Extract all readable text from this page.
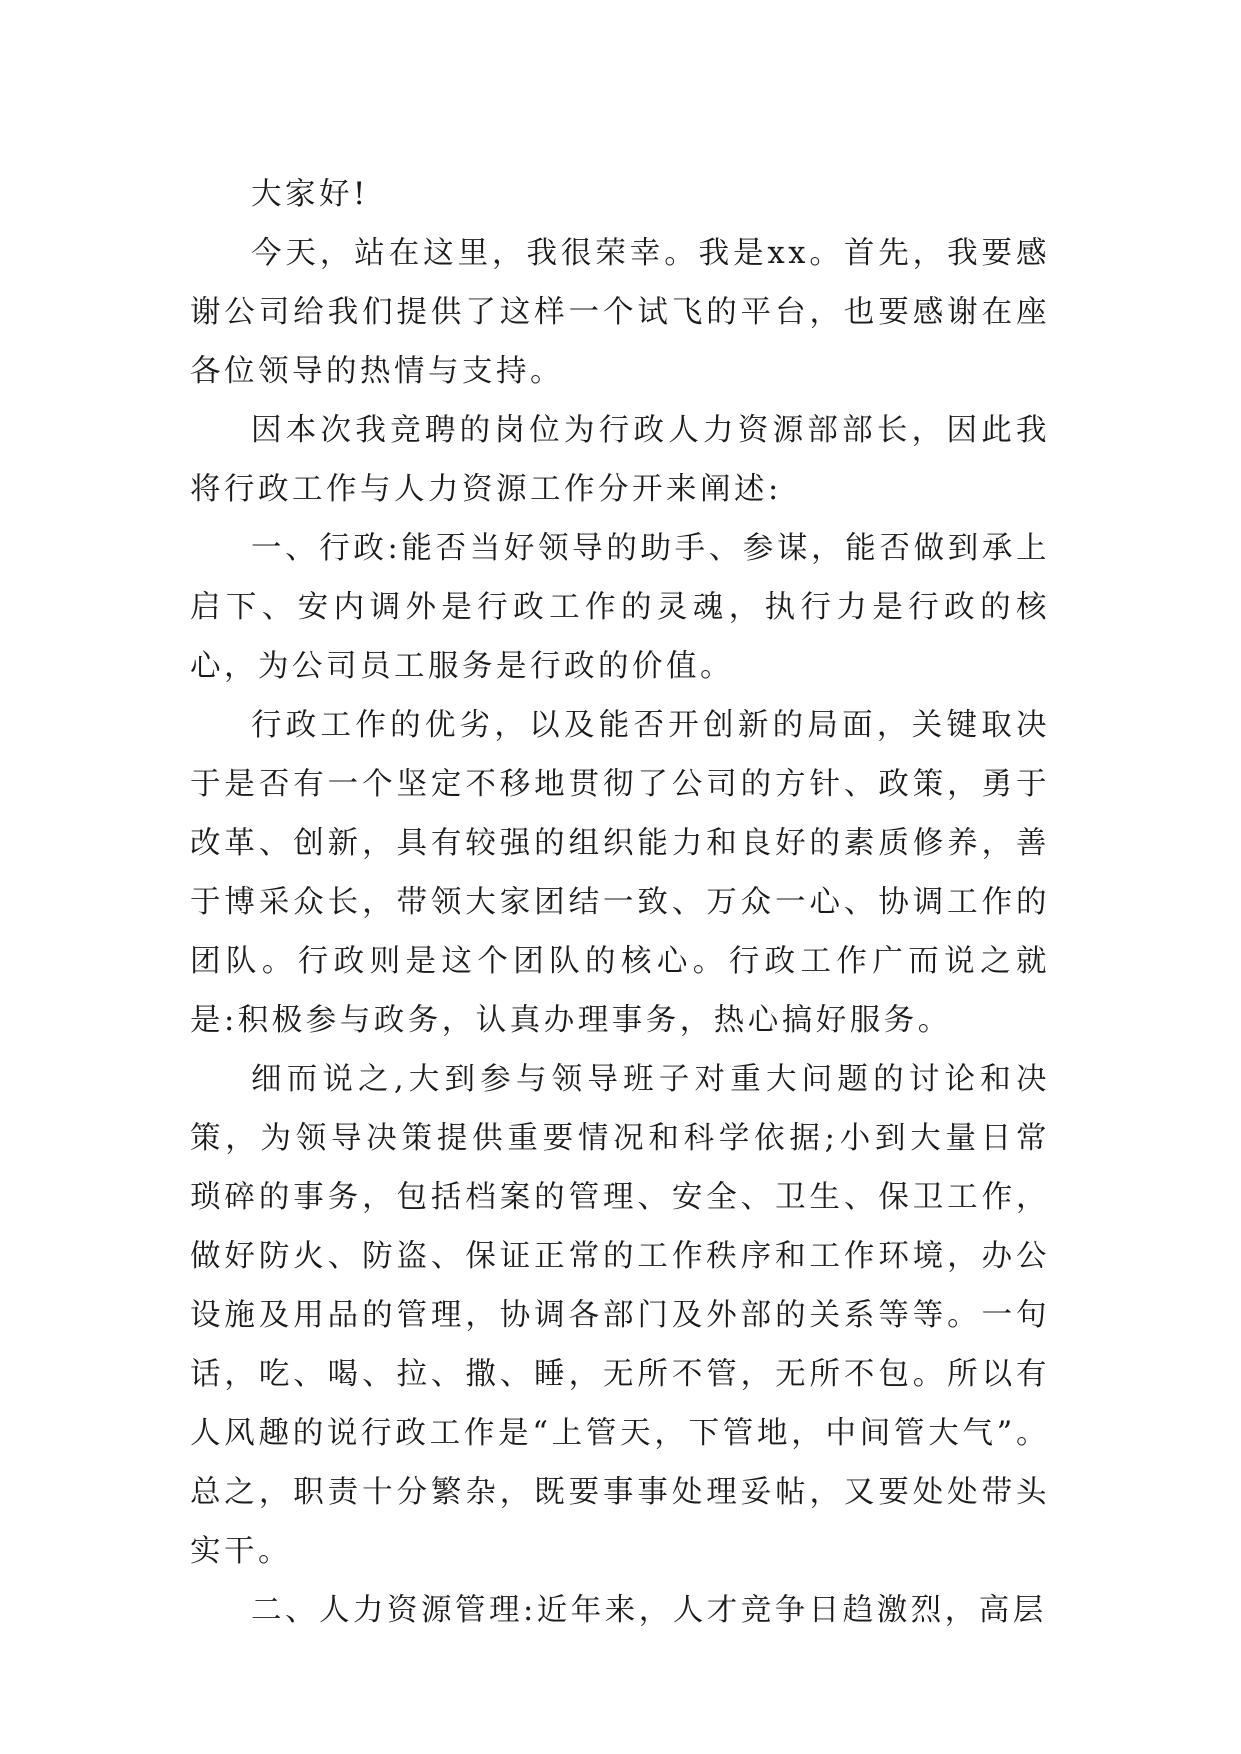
大家好!

今天，站在这里，我很荣幸。我是xx。首先，我要感谢公司给我们提供了这样一个试飞的平台，也要感谢在座各位领导的热情与支持。

因本次我竞聘的岗位为行政人力资源部部长，因此我将行政工作与人力资源工作分开来阐述:

一、行政:能否当好领导的助手、参谋，能否做到承上启下、安内调外是行政工作的灵魂，执行力是行政的核心，为公司员工服务是行政的价值。

行政工作的优劣，以及能否开创新的局面，关键取决于是否有一个坚定不移地贯彻了公司的方针、政策，勇于改革、创新，具有较强的组织能力和良好的素质修养，善于博采众长，带领大家团结一致、万众一心、协调工作的团队。行政则是这个团队的核心。行政工作广而说之就是:积极参与政务，认真办理事务，热心搞好服务。

细而说之,大到参与领导班子对重大问题的讨论和决策，为领导决策提供重要情况和科学依据;小到大量日常琐碎的事务，包括档案的管理、安全、卫生、保卫工作，做好防火、防盗、保证正常的工作秩序和工作环境，办公设施及用品的管理，协调各部门及外部的关系等等。一句话，吃、喝、拉、撒、睡，无所不管，无所不包。所以有人风趣的说行政工作是“上管天，下管地，中间管大气”。总之，职责十分繁杂，既要事事处理妥帖，又要处处带头实干。

二、人力资源管理:近年来，人才竞争日趋激烈，高层
